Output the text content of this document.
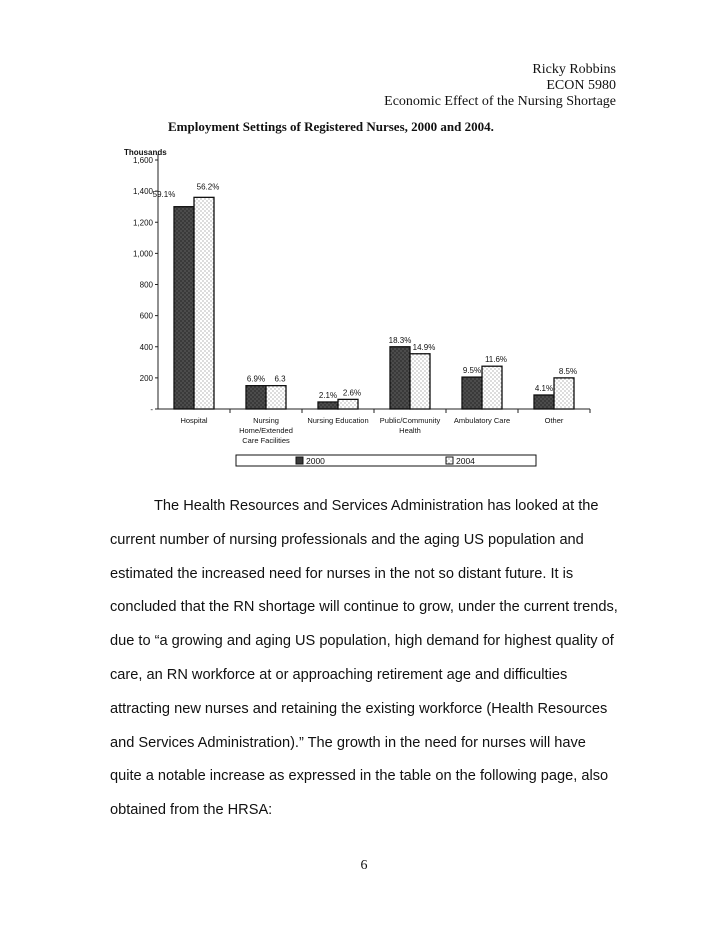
Ricky Robbins
ECON 5980
Economic Effect of the Nursing Shortage
Employment Settings of Registered Nurses, 2000 and 2004.
Thousands
-
200
400
600
800
1,000
1,200
1,400
1,600
59.1%
56.2%
Hospital
6.9% 6.3
Nursing
Home/Extended
Care Facilities
2.1% 2.6%
Nursing Education
18.3%
14.9%
Public/Community
Health
9.5%
11.6%
Ambulatory Care
4.1%
8.5%
Other
2000	2004
The Health Resources and Services Administration has looked at the
current number of nursing professionals and the aging US population and
estimated the increased need for nurses in the not so distant future. It is
concluded that the RN shortage will continue to grow, under the current trends,
due to “a growing and aging US population, high demand for highest quality of
care, an RN workforce at or approaching retirement age and difficulties
attracting new nurses and retaining the existing workforce (Health Resources
and Services Administration).” The growth in the need for nurses will have
quite a notable increase as expressed in the table on the following page, also
obtained from the HRSA:
6
